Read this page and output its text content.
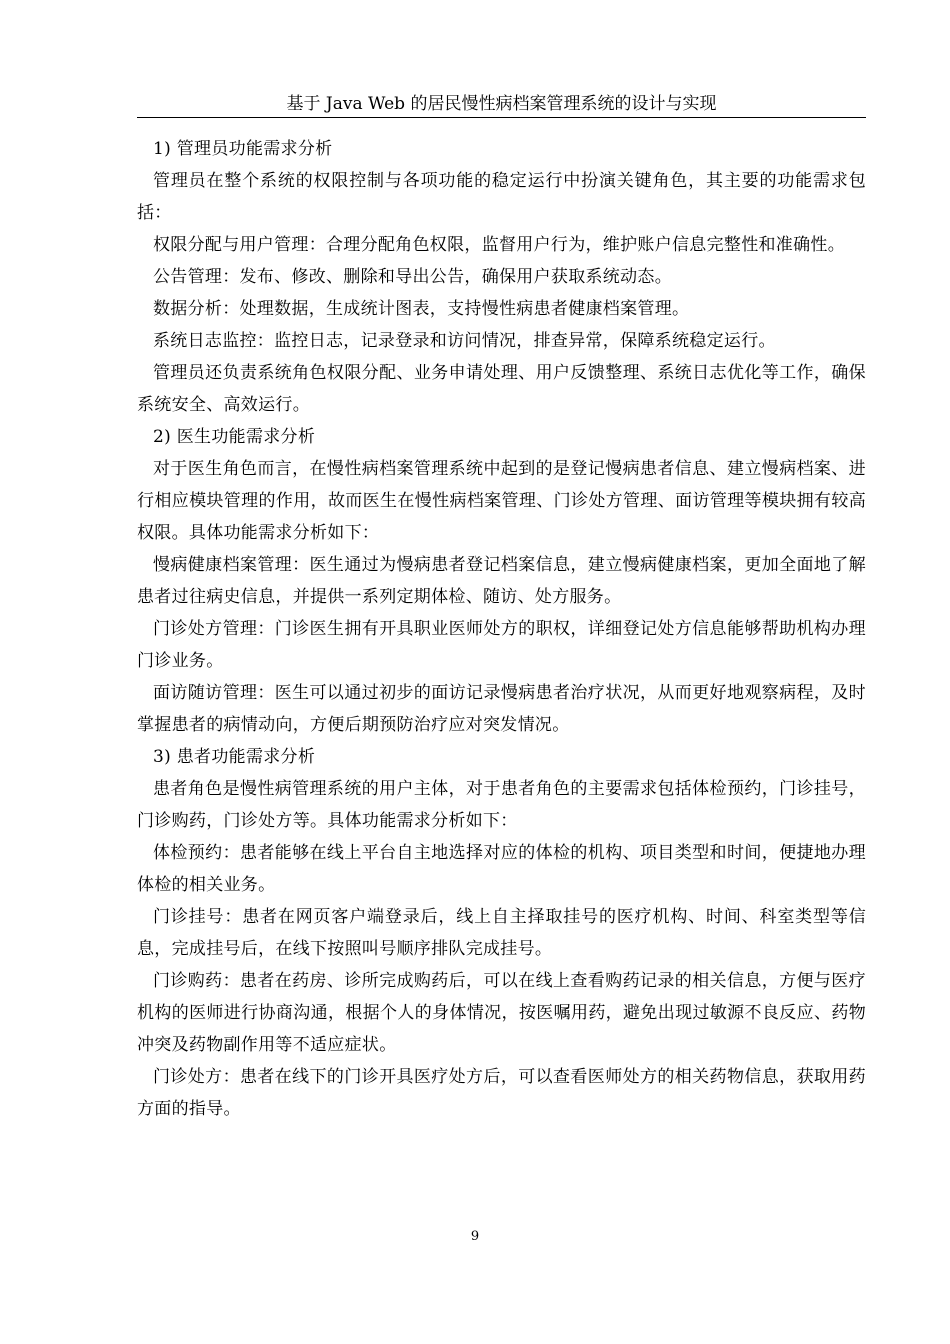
基于 Java Web 的居民慢性病档案管理系统的设计与实现

1) 管理员功能需求分析

管理员在整个系统的权限控制与各项功能的稳定运行中扮演关键角色，其主要的功能需求包括：

权限分配与用户管理：合理分配角色权限，监督用户行为，维护账户信息完整性和准确性。

公告管理：发布、修改、删除和导出公告，确保用户获取系统动态。

数据分析：处理数据，生成统计图表，支持慢性病患者健康档案管理。

系统日志监控：监控日志，记录登录和访问情况，排查异常，保障系统稳定运行。

管理员还负责系统角色权限分配、业务申请处理、用户反馈整理、系统日志优化等工作，确保系统安全、高效运行。

2) 医生功能需求分析

对于医生角色而言，在慢性病档案管理系统中起到的是登记慢病患者信息、建立慢病档案、进行相应模块管理的作用，故而医生在慢性病档案管理、门诊处方管理、面访管理等模块拥有较高权限。具体功能需求分析如下：

慢病健康档案管理：医生通过为慢病患者登记档案信息，建立慢病健康档案，更加全面地了解患者过往病史信息，并提供一系列定期体检、随访、处方服务。

门诊处方管理：门诊医生拥有开具职业医师处方的职权，详细登记处方信息能够帮助机构办理门诊业务。

面访随访管理：医生可以通过初步的面访记录慢病患者治疗状况，从而更好地观察病程，及时掌握患者的病情动向，方便后期预防治疗应对突发情况。

3) 患者功能需求分析

患者角色是慢性病管理系统的用户主体，对于患者角色的主要需求包括体检预约，门诊挂号，门诊购药，门诊处方等。具体功能需求分析如下：

体检预约：患者能够在线上平台自主地选择对应的体检的机构、项目类型和时间，便捷地办理体检的相关业务。

门诊挂号：患者在网页客户端登录后，线上自主择取挂号的医疗机构、时间、科室类型等信息，完成挂号后，在线下按照叫号顺序排队完成挂号。

门诊购药：患者在药房、诊所完成购药后，可以在线上查看购药记录的相关信息，方便与医疗机构的医师进行协商沟通，根据个人的身体情况，按医嘱用药，避免出现过敏源不良反应、药物冲突及药物副作用等不适应症状。

门诊处方：患者在线下的门诊开具医疗处方后，可以查看医师处方的相关药物信息，获取用药方面的指导。

9
